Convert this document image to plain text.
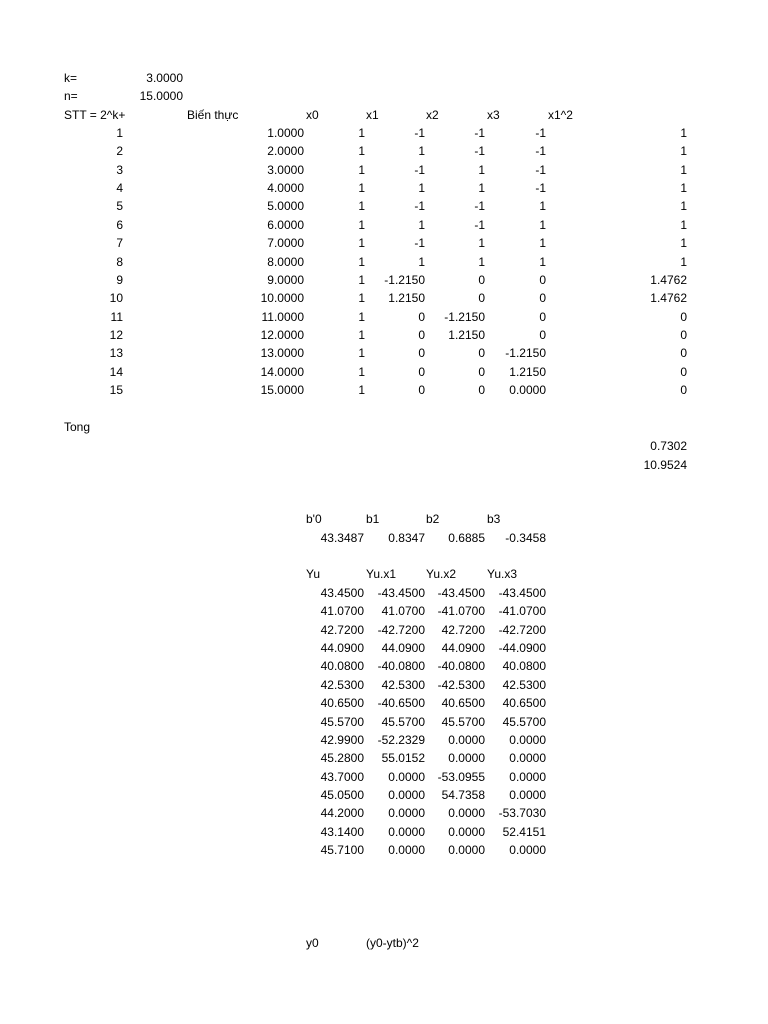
k=	3.0000
n=	15.0000
STT = 2^k+	Biến thực	x0	x1	x2	x3	x1^2
1	1.0000	1	-1	-1	-1	1
2	2.0000	1	1	-1	-1	1
3	3.0000	1	-1	1	-1	1
4	4.0000	1	1	1	-1	1
5	5.0000	1	-1	-1	1	1
6	6.0000	1	1	-1	1	1
7	7.0000	1	-1	1	1	1
8	8.0000	1	1	1	1	1
9	9.0000	1	-1.2150	0	0	1.4762
10	10.0000	1	1.2150	0	0	1.4762
11	11.0000	1	0	-1.2150	0	0
12	12.0000	1	0	1.2150	0	0
13	13.0000	1	0	0	-1.2150	0
14	14.0000	1	0	0	1.2150	0
15	15.0000	1	0	0	0.0000	0
Tong
0.7302
10.9524
b'0	b1	b2	b3
43.3487	0.8347	0.6885	-0.3458
Yu	Yu.x1 Yu.x2	Yu.x3
43.4500	-43.4500	-43.4500	-43.4500
41.0700	41.0700	-41.0700	-41.0700
42.7200	-42.7200	42.7200	-42.7200
44.0900	44.0900	44.0900	-44.0900
40.0800	-40.0800	-40.0800	40.0800
42.5300	42.5300	-42.5300	42.5300
40.6500	-40.6500	40.6500	40.6500
45.5700	45.5700	45.5700	45.5700
42.9900	-52.2329	0.0000	0.0000
45.2800	55.0152	0.0000	0.0000
43.7000	0.0000	-53.0955	0.0000
45.0500	0.0000	54.7358	0.0000
44.2000	0.0000	0.0000	-53.7030
43.1400	0.0000	0.0000	52.4151
45.7100	0.0000	0.0000	0.0000
y0	(y0-ytb)^2
